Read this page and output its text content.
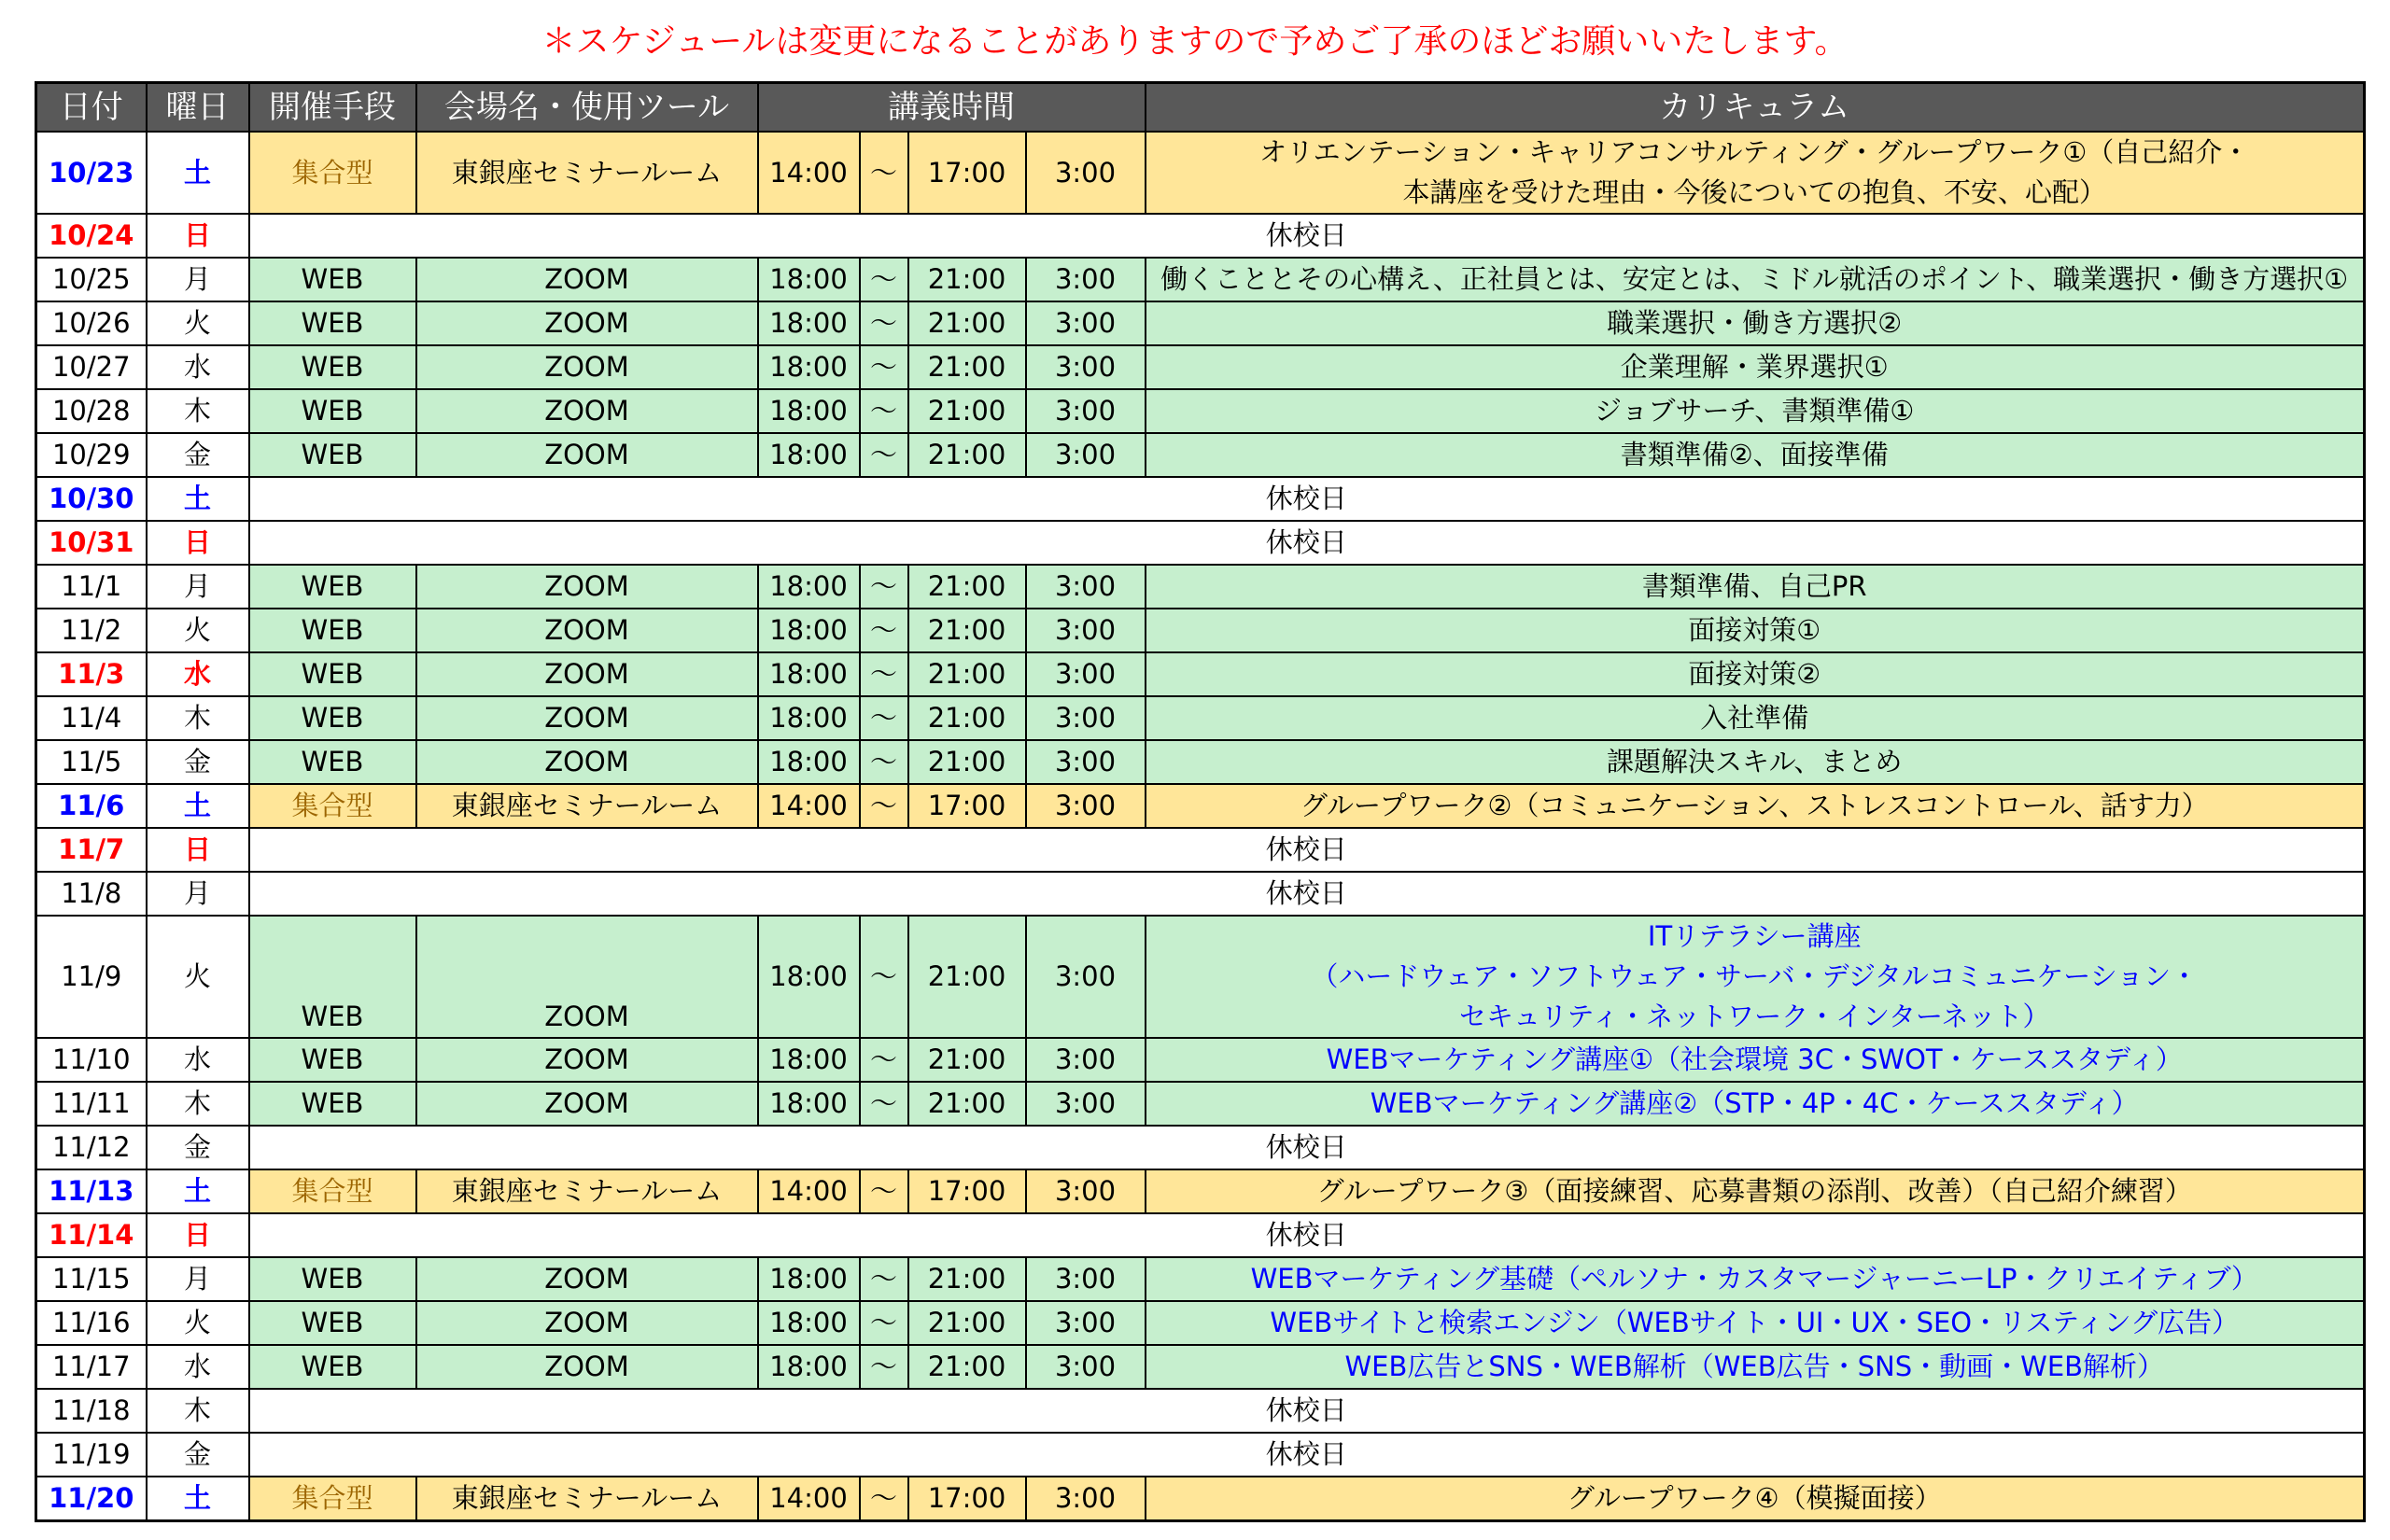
＊スケジュールは変更になることがありますので予めご了承のほどお願いいたします。
日付	曜日	開催手段	会場名・使用ツール	講義時間				カリキュラム
10/23	土	集合型	東銀座セミナールーム	14:00	～	17:00	3:00	オリエンテーション・キャリアコンサルティング・グループワーク①（自己紹介・
本講座を受けた理由・今後についての抱負、不安、心配）

10/24	日	休校日						
10/25	月	WEB	ZOOM	18:00	～	21:00	3:00	働くこととその心構え、正社員とは、安定とは、ミドル就活のポイント、職業選択・働き方選択①

10/26	火	WEB	ZOOM	18:00	～	21:00	3:00	職業選択・働き方選択②

10/27	水	WEB	ZOOM	18:00	～	21:00	3:00	企業理解・業界選択①

10/28	木	WEB	ZOOM	18:00	～	21:00	3:00	ジョブサーチ、書類準備①

10/29	金	WEB	ZOOM	18:00	～	21:00	3:00	書類準備②、面接準備

10/30	土	休校日						
10/31	日	休校日						
11/1	月	WEB	ZOOM	18:00	～	21:00	3:00	書類準備、自己PR

11/2	火	WEB	ZOOM	18:00	～	21:00	3:00	面接対策①

11/3	水	WEB	ZOOM	18:00	～	21:00	3:00	面接対策②

11/4	木	WEB	ZOOM	18:00	～	21:00	3:00	入社準備

11/5	金	WEB	ZOOM	18:00	～	21:00	3:00	課題解決スキル、まとめ

11/6	土	集合型	東銀座セミナールーム	14:00	～	17:00	3:00	グループワーク②（コミュニケーション、ストレスコントロール、話す力）

11/7	日	休校日						
11/8	月	休校日						
11/9	火	WEB	ZOOM	18:00	～	21:00	3:00	ITリテラシー講座
（ハードウェア・ソフトウェア・サーバ・デジタルコミュニケーション・
セキュリティ・ネットワーク・インターネット）

11/10	水	WEB	ZOOM	18:00	～	21:00	3:00	WEBマーケティング講座①（社会環境 3C・SWOT・ケーススタディ）

11/11	木	WEB	ZOOM	18:00	～	21:00	3:00	WEBマーケティング講座②（STP・4P・4C・ケーススタディ）

11/12	金	休校日						
11/13	土	集合型	東銀座セミナールーム	14:00	～	17:00	3:00	グループワーク③（面接練習、応募書類の添削、改善）（自己紹介練習）

11/14	日	休校日						
11/15	月	WEB	ZOOM	18:00	～	21:00	3:00	WEBマーケティング基礎（ペルソナ・カスタマージャーニーLP・クリエイティブ）

11/16	火	WEB	ZOOM	18:00	～	21:00	3:00	WEBサイトと検索エンジン（WEBサイト・UI・UX・SEO・リスティング広告）

11/17	水	WEB	ZOOM	18:00	～	21:00	3:00	WEB広告とSNS・WEB解析（WEB広告・SNS・動画・WEB解析）

11/18	木	休校日						
11/19	金	休校日						
11/20	土	集合型	東銀座セミナールーム	14:00	～	17:00	3:00	グループワーク④（模擬面接）
